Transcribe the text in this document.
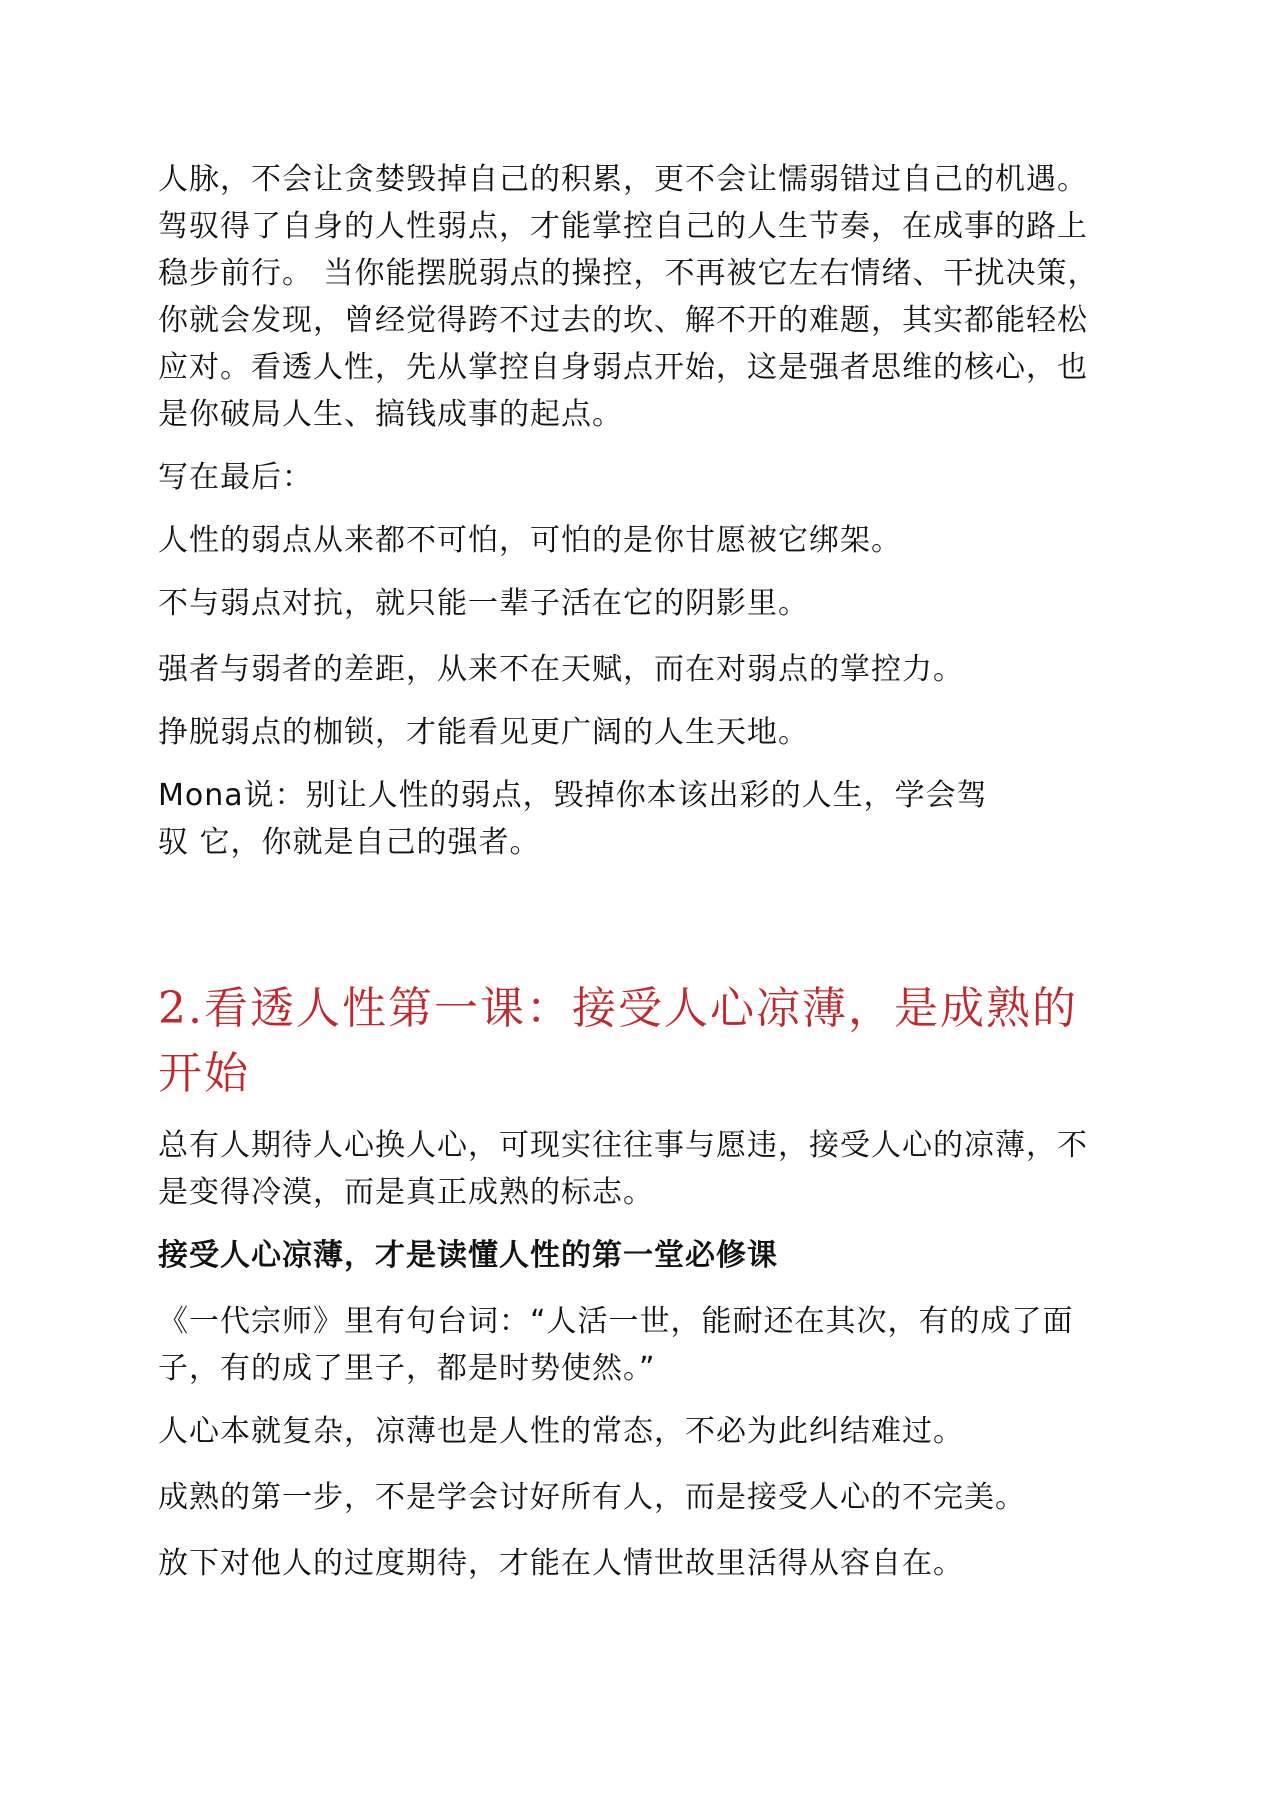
人脉，不会让贪婪毁掉自己的积累，更不会让懦弱错过自己的机遇。驾驭得了自身的人性弱点，才能掌控自己的人生节奏，在成事的路上稳步前行。 当你能摆脱弱点的操控，不再被它左右情绪、干扰决策，你就会发现，曾经觉得跨不过去的坎、解不开的难题，其实都能轻松应对。看透人性，先从掌控自身弱点开始，这是强者思维的核心，也是你破局人生、搞钱成事的起点。

写在最后：

人性的弱点从来都不可怕，可怕的是你甘愿被它绑架。

不与弱点对抗，就只能一辈子活在它的阴影里。

强者与弱者的差距，从来不在天赋，而在对弱点的掌控力。

挣脱弱点的枷锁，才能看见更广阔的人生天地。

Mona说：别让人性的弱点，毁掉你本该出彩的人生，学会驾

驭 它，你就是自己的强者。

2.看透人性第一课：接受人心凉薄，是成熟的开始

总有人期待人心换人心，可现实往往事与愿违，接受人心的凉薄，不是变得冷漠，而是真正成熟的标志。

接受人心凉薄，才是读懂人性的第一堂必修课

《一代宗师》里有句台词：“人活一世，能耐还在其次，有的成了面子，有的成了里子，都是时势使然。”

人心本就复杂，凉薄也是人性的常态，不必为此纠结难过。

成熟的第一步，不是学会讨好所有人，而是接受人心的不完美。

放下对他人的过度期待，才能在人情世故里活得从容自在。
